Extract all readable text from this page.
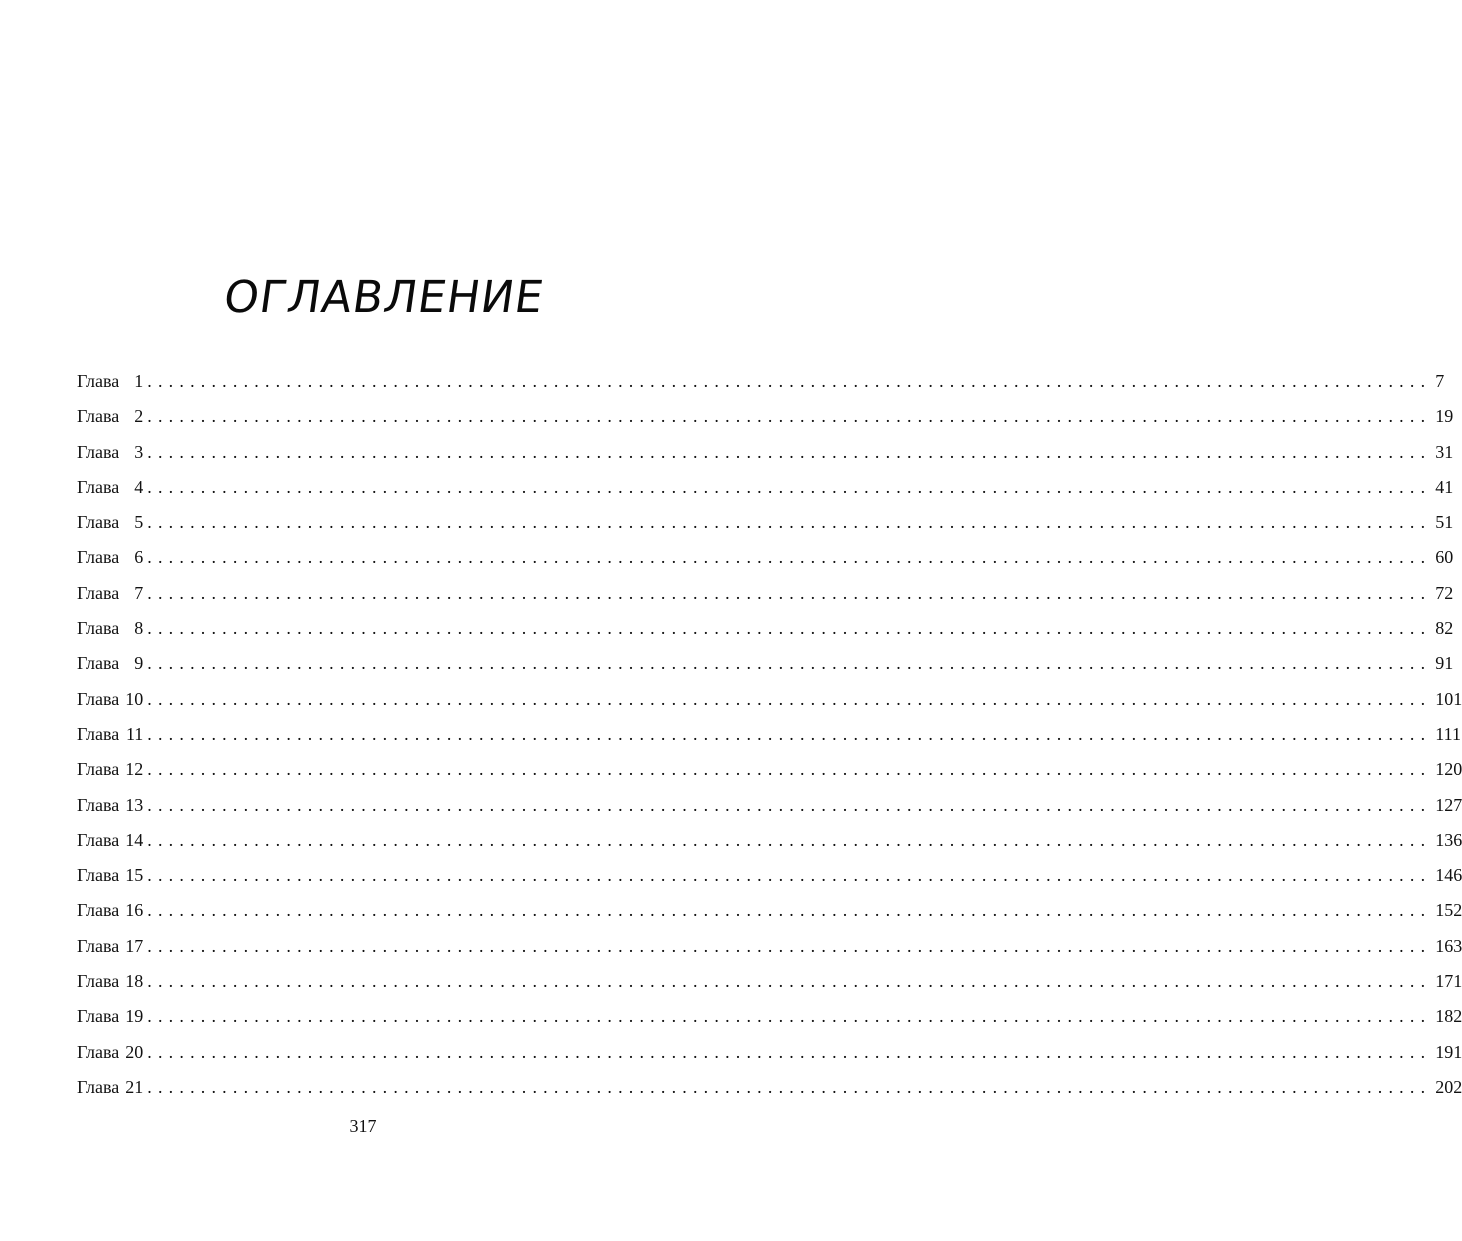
ОГЛАВЛЕНИЕ
Глава 1 ........................................................................................................................ 7
Глава 2 ........................................................................................................................ 19
Глава 3 ........................................................................................................................ 31
Глава 4 ........................................................................................................................ 41
Глава 5 ........................................................................................................................ 51
Глава 6 ........................................................................................................................ 60
Глава 7 ........................................................................................................................ 72
Глава 8 ........................................................................................................................ 82
Глава 9 ........................................................................................................................ 91
Глава 10 ........................................................................................................................ 101
Глава 11 ........................................................................................................................ 111
Глава 12 ........................................................................................................................ 120
Глава 13 ........................................................................................................................ 127
Глава 14 ........................................................................................................................ 136
Глава 15 ........................................................................................................................ 146
Глава 16 ........................................................................................................................ 152
Глава 17 ........................................................................................................................ 163
Глава 18 ........................................................................................................................ 171
Глава 19 ........................................................................................................................ 182
Глава 20 ........................................................................................................................ 191
Глава 21 ........................................................................................................................ 202
317
